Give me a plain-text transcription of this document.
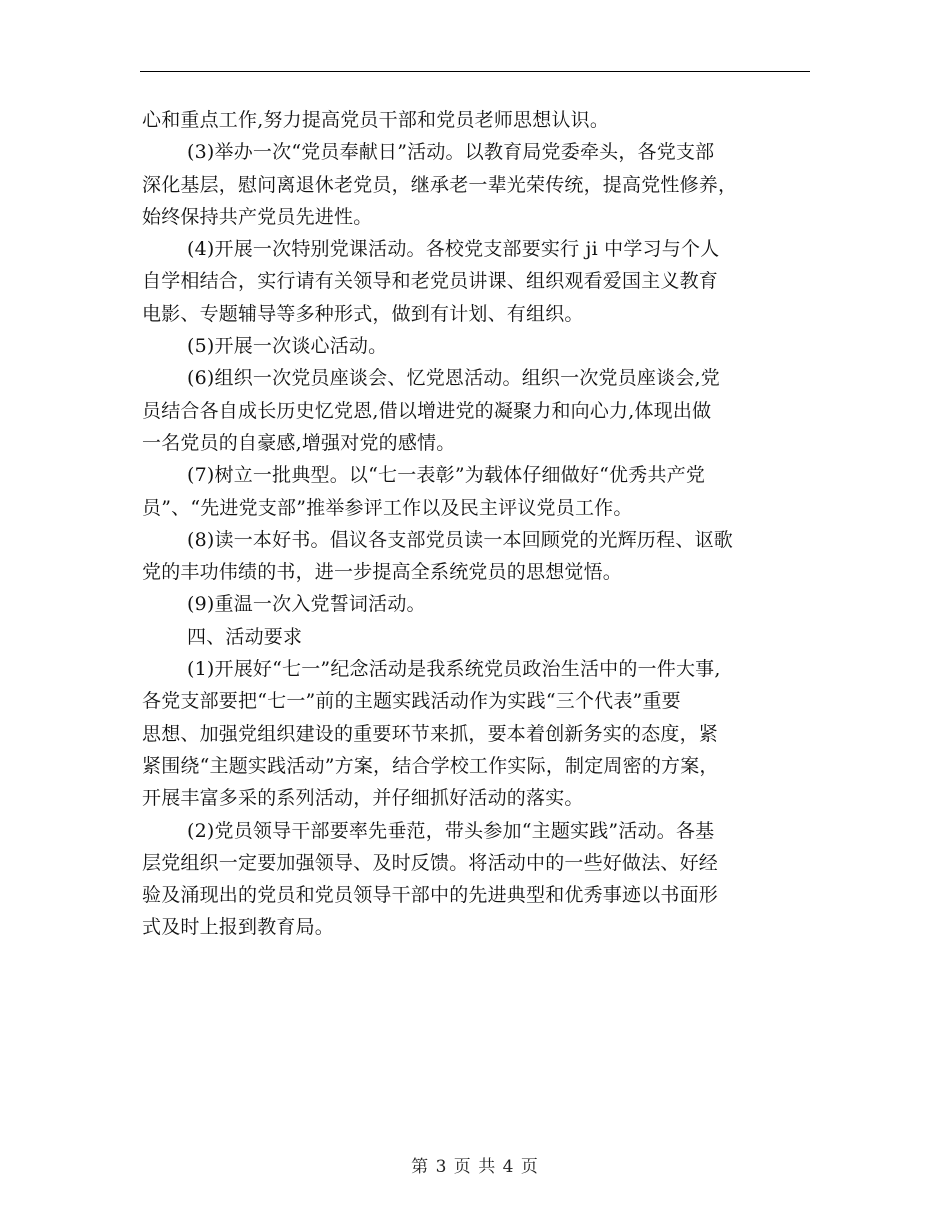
心和重点工作,努力提高党员干部和党员老师思想认识。
(3)举办一次“党员奉献日”活动。以教育局党委牵头，各党支部
深化基层，慰问离退休老党员，继承老一辈光荣传统，提高党性修养，
始终保持共产党员先进性。
(4)开展一次特别党课活动。各校党支部要实行 ji 中学习与个人
自学相结合，实行请有关领导和老党员讲课、组织观看爱国主义教育
电影、专题辅导等多种形式，做到有计划、有组织。
(5)开展一次谈心活动。
(6)组织一次党员座谈会、忆党恩活动。组织一次党员座谈会,党
员结合各自成长历史忆党恩,借以增进党的凝聚力和向心力,体现出做
一名党员的自豪感,增强对党的感情。
(7)树立一批典型。以“七一表彰”为载体仔细做好“优秀共产党
员”、“先进党支部”推举参评工作以及民主评议党员工作。
(8)读一本好书。倡议各支部党员读一本回顾党的光辉历程、讴歌
党的丰功伟绩的书，进一步提高全系统党员的思想觉悟。
(9)重温一次入党誓词活动。
四、活动要求
(1)开展好“七一”纪念活动是我系统党员政治生活中的一件大事,
各党支部要把“七一”前的主题实践活动作为实践“三个代表”重要
思想、加强党组织建设的重要环节来抓，要本着创新务实的态度，紧
紧围绕“主题实践活动”方案，结合学校工作实际，制定周密的方案，
开展丰富多采的系列活动，并仔细抓好活动的落实。
(2)党员领导干部要率先垂范，带头参加“主题实践”活动。各基
层党组织一定要加强领导、及时反馈。将活动中的一些好做法、好经
验及涌现出的党员和党员领导干部中的先进典型和优秀事迹以书面形
式及时上报到教育局。
第 3 页 共 4 页
